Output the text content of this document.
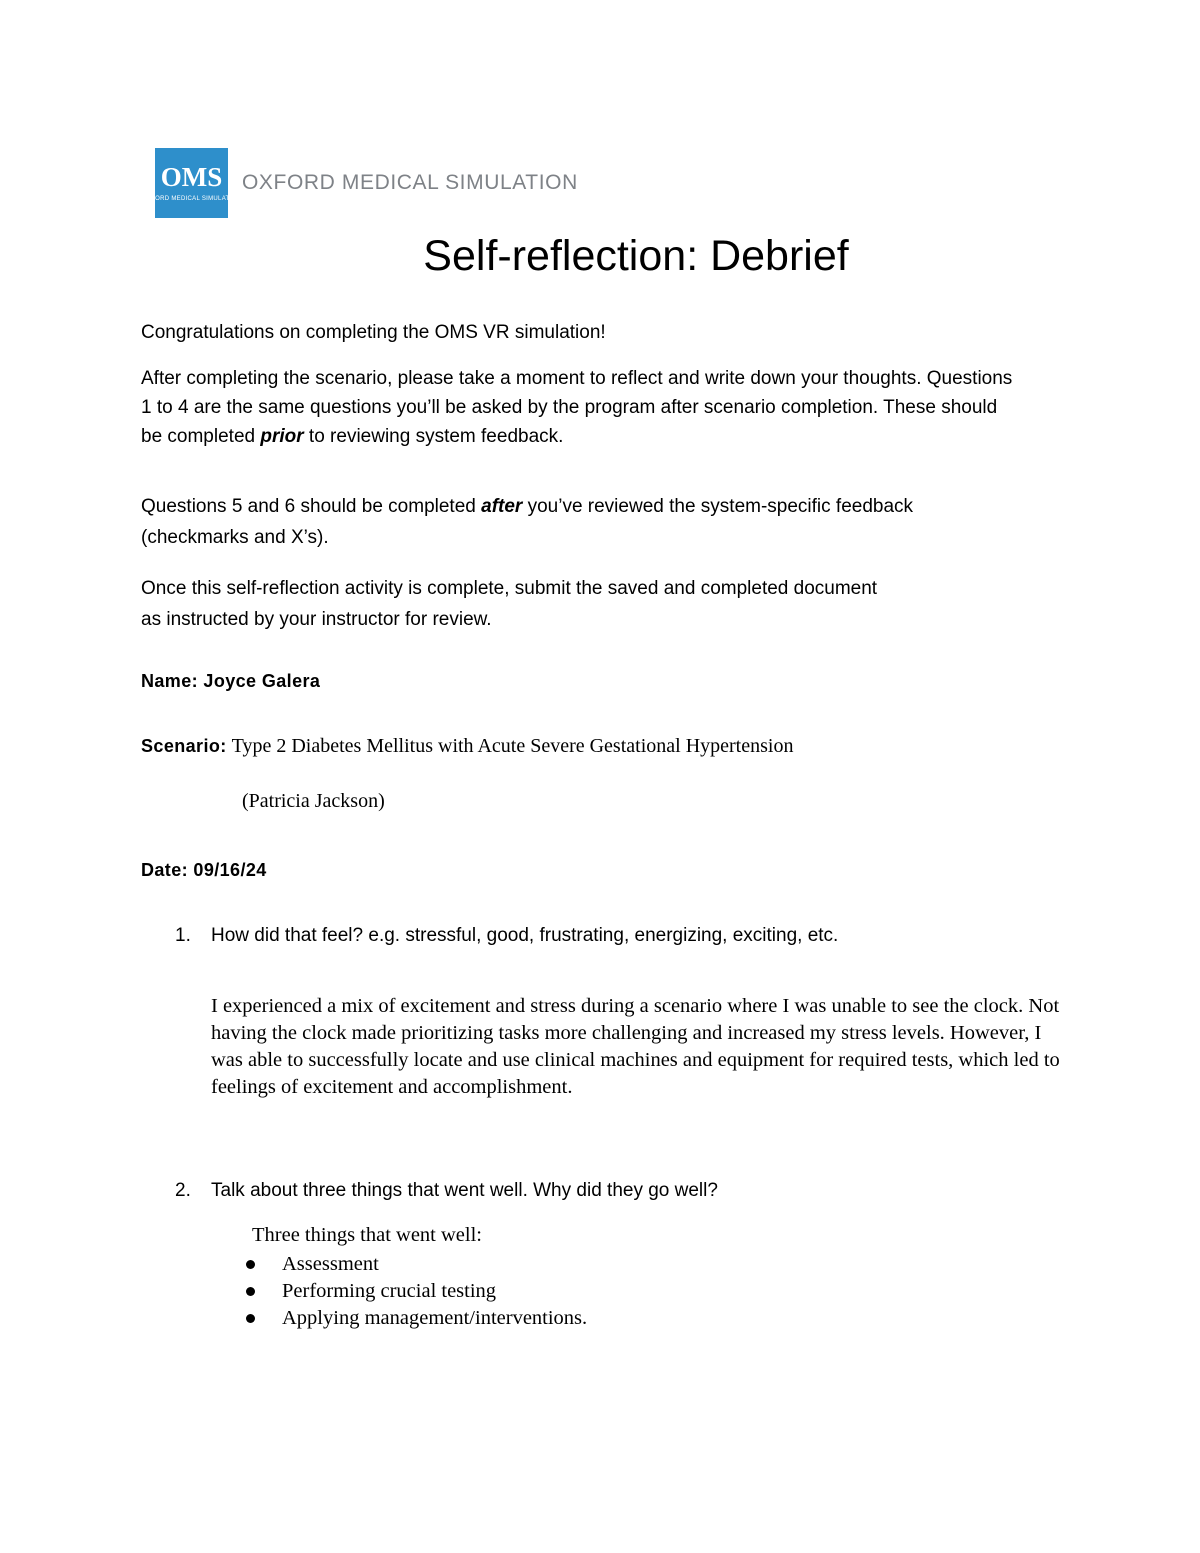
OMS
OXFORD MEDICAL SIMULATION
OXFORD MEDICAL SIMULATION
Self-reflection: Debrief
Congratulations on completing the OMS VR simulation!
After completing the scenario, please take a moment to reflect and write down your thoughts. Questions 1 to 4 are the same questions you’ll be asked by the program after scenario completion. These should be completed prior to reviewing system feedback.
Questions 5 and 6 should be completed after you’ve reviewed the system-specific feedback (checkmarks and X’s).
Once this self-reflection activity is complete, submit the saved and completed document as instructed by your instructor for review.
Name: Joyce Galera
Scenario: Type 2 Diabetes Mellitus with Acute Severe Gestational Hypertension
(Patricia Jackson)
Date: 09/16/24
1. How did that feel? e.g. stressful, good, frustrating, energizing, exciting, etc.
I experienced a mix of excitement and stress during a scenario where I was unable to see the clock. Not having the clock made prioritizing tasks more challenging and increased my stress levels. However, I was able to successfully locate and use clinical machines and equipment for required tests, which led to feelings of excitement and accomplishment.
2. Talk about three things that went well. Why did they go well?
Three things that went well:
Assessment
Performing crucial testing
Applying management/interventions.
